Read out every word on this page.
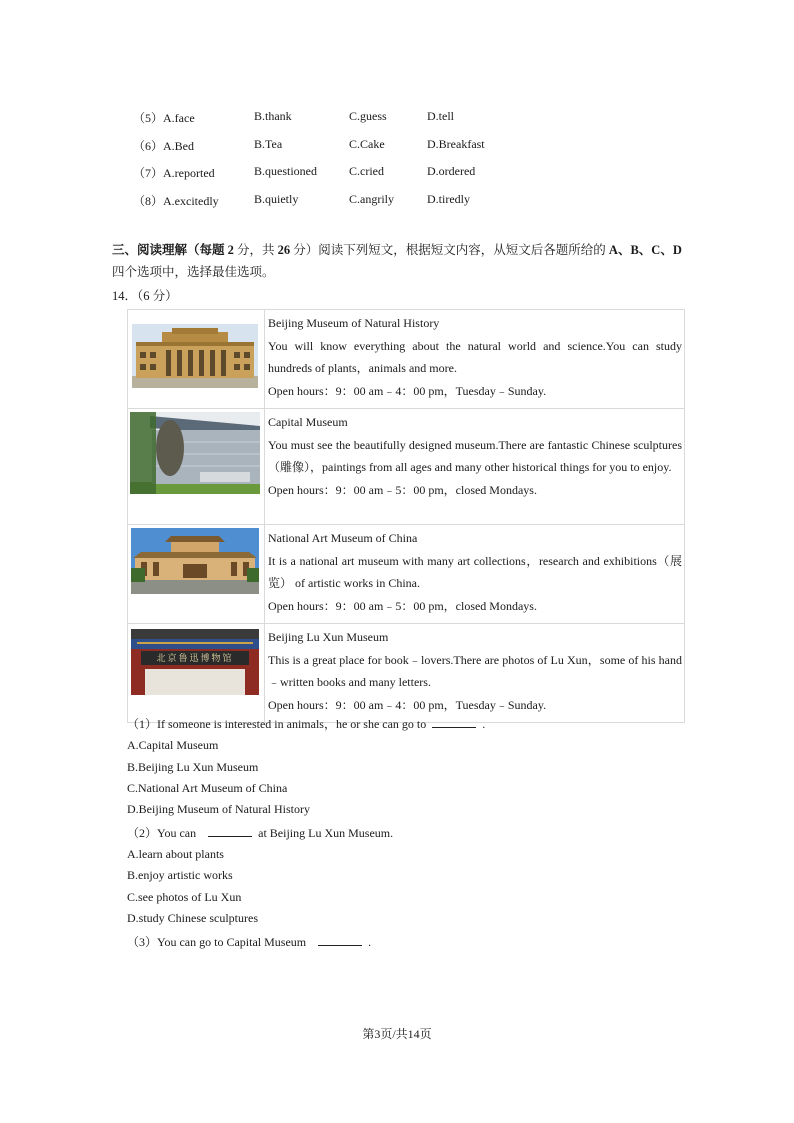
（5）A.face	B.thank	C.guess	D.tell
（6）A.Bed	B.Tea	C.Cake	D.Breakfast
（7）A.reported	B.questioned	C.cried	D.ordered
（8）A.excitedly	B.quietly	C.angrily	D.tiredly
三、阅读理解（每题 2 分，共 26 分）阅读下列短文，根据短文内容，从短文后各题所给的 A、B、C、D 四个选项中，选择最佳选项。
14．（6 分）

Beijing Museum of Natural History
You will know everything about the natural world and science.You can study hundreds of plants，animals and more.
Open hours：9：00 am﹣4：00 pm，Tuesday﹣Sunday.

Capital Museum
You must see the beautifully designed museum.There are fantastic Chinese sculptures（雕像），paintings from all ages and many other historical things for you to enjoy.
Open hours：9：00 am﹣5：00 pm，closed Mondays.

National Art Museum of China
It is a national art museum with many art collections，research and exhibitions（展览） of artistic works in China.
Open hours：9：00 am﹣5：00 pm，closed Mondays.

北京鲁迅博物馆	Beijing Lu Xun Museum
This is a great place for book﹣lovers.There are photos of Lu Xun，some of his hand﹣written books and many letters.
Open hours：9：00 am﹣4：00 pm，Tuesday﹣Sunday.
（1）If someone is interested in animals，he or she can go to	.
A.Capital Museum
B.Beijing Lu Xun Museum
C.National Art Museum of China
D.Beijing Museum of Natural History
（2）You can	at Beijing Lu Xun Museum.
A.learn about plants
B.enjoy artistic works
C.see photos of Lu Xun
D.study Chinese sculptures
（3）You can go to Capital Museum	.
第3页/共14页
